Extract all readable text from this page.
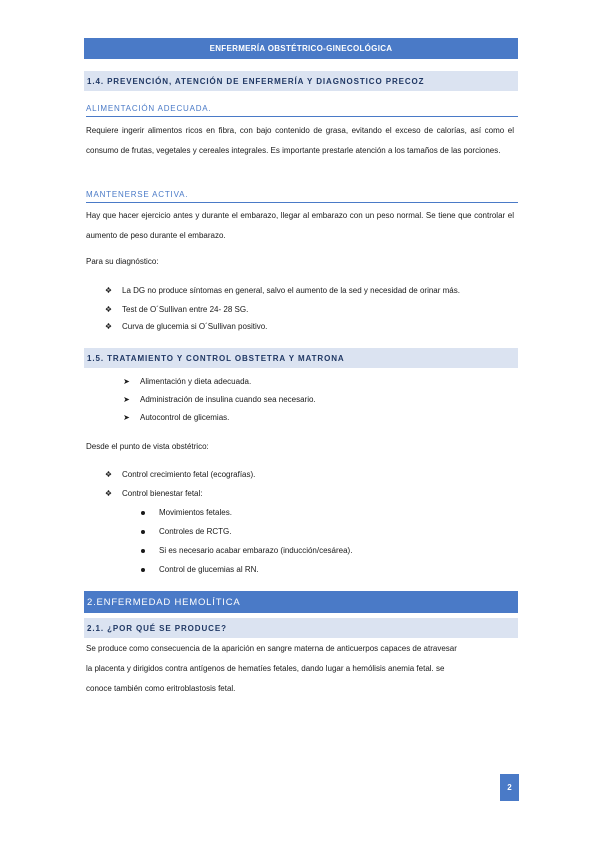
ENFERMERÍA OBSTÉTRICO-GINECOLÓGICA
1.4. PREVENCIÓN, ATENCIÓN DE ENFERMERÍA Y DIAGNOSTICO PRECOZ
ALIMENTACIÓN ADECUADA.
Requiere ingerir alimentos ricos en fibra, con bajo contenido de grasa, evitando el exceso de calorías, así como el consumo de frutas, vegetales y cereales integrales. Es importante prestarle atención a los tamaños de las porciones.
MANTENERSE ACTIVA.
Hay que hacer ejercicio antes y durante el embarazo, llegar al embarazo con un peso normal. Se tiene que controlar el aumento de peso durante el embarazo.
Para su diagnóstico:
❖ La DG no produce síntomas en general, salvo el aumento de la sed y necesidad de orinar más.
❖ Test de O´Sullivan entre 24- 28 SG.
❖ Curva de glucemia si O´Sullivan positivo.
1.5. TRATAMIENTO Y CONTROL OBSTETRA Y MATRONA
➤ Alimentación y dieta adecuada.
➤ Administración de insulina cuando sea necesario.
➤ Autocontrol de glicemias.
Desde el punto de vista obstétrico:
❖ Control crecimiento fetal (ecografías).
❖ Control bienestar fetal:
Movimientos fetales.
Controles de RCTG.
Si es necesario acabar embarazo (inducción/cesárea).
Control de glucemias al RN.
2.ENFERMEDAD HEMOLÍTICA
2.1. ¿POR QUÉ SE PRODUCE?
Se produce como consecuencia de la aparición en sangre materna de anticuerpos capaces de atravesar
la placenta y dirigidos contra antígenos de hematíes fetales, dando lugar a hemólisis anemia fetal. se
conoce también como eritroblastosis fetal.
2
